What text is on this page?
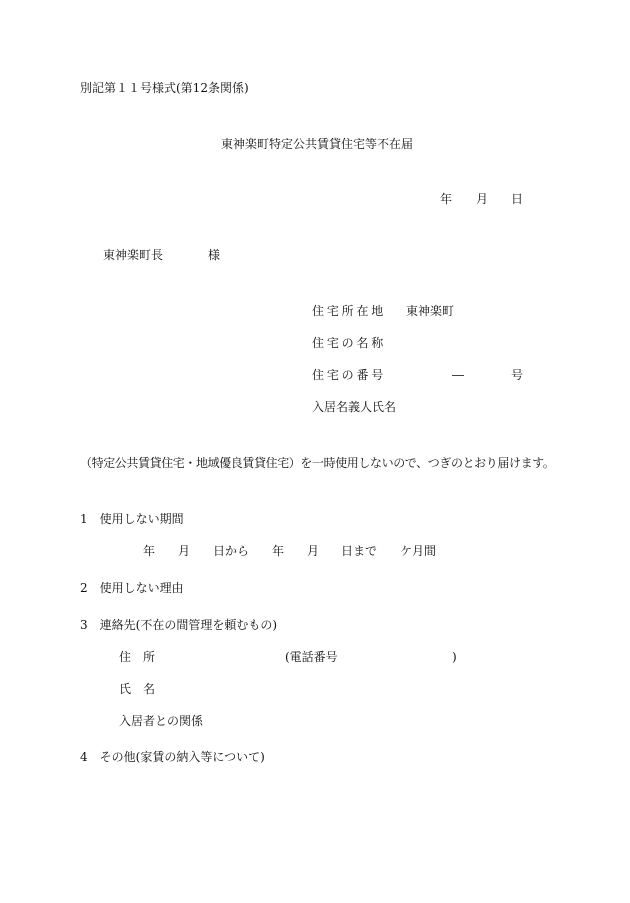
別記第１１号様式(第12条関係)
東神楽町特定公共賃貸住宅等不在届
年 月 日
東神楽町長	様
住 宅 所 在 地 東神楽町
住 宅 の 名 称
住 宅 の 番 号	―	号
入居名義人氏名
（特定公共賃貸住宅・地域優良賃貸住宅）を一時使用しないので、つぎのとおり届けます。
1　使用しない期間
年 月 日から 年 月 日まで ケ月間
2　使用しない理由
3　連絡先(不在の間管理を頼むもの)
住　所	(電話番号	)
氏　名
入居者との関係
4　その他(家賃の納入等について)
